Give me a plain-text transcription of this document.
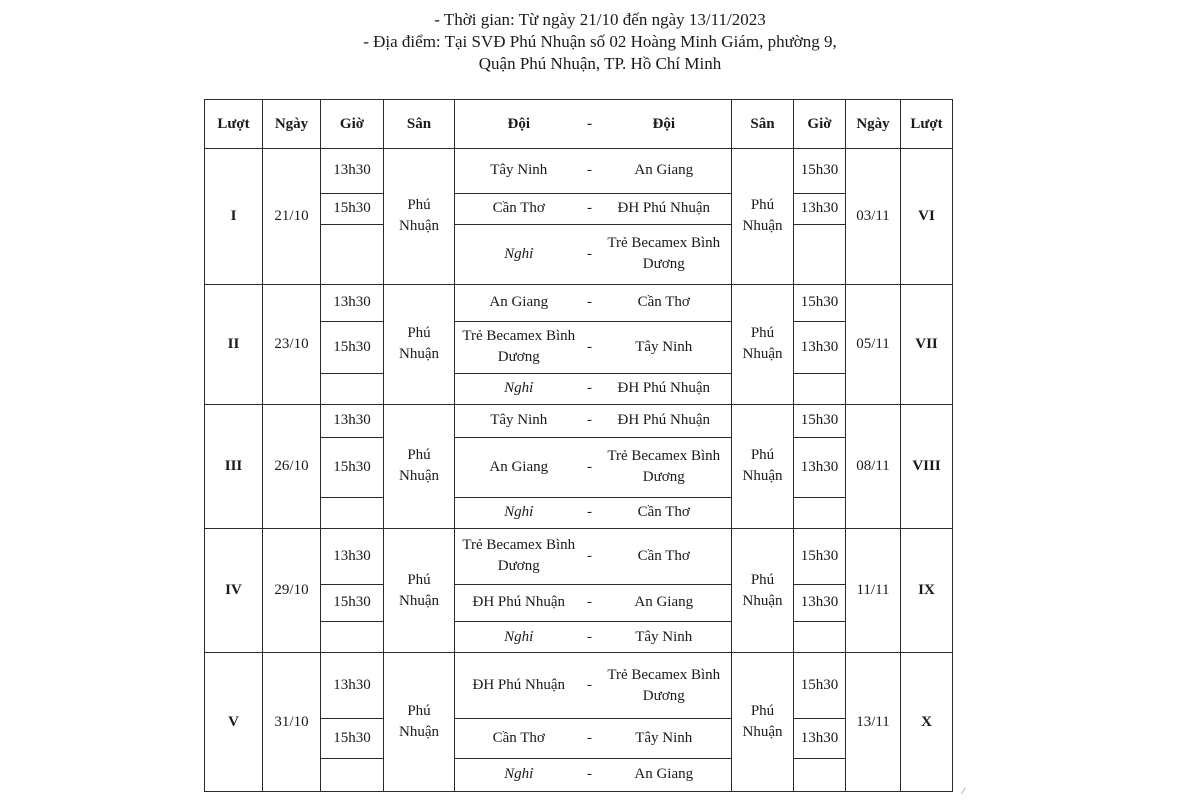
- Thời gian: Từ ngày 21/10 đến ngày 13/11/2023
- Địa điểm: Tại SVĐ Phú Nhuận số 02 Hoàng Minh Giám, phường 9,
Quận Phú Nhuận, TP. Hồ Chí Minh
Lượt	Ngày	Giờ	Sân	Đội	-	Đội	Sân	Giờ	Ngày	Lượt
I	21/10	13h30	Phú Nhuận	Tây Ninh	-	An Giang	Phú Nhuận	15h30	03/11	VI
		15h30		Cần Thơ	-	ĐH Phú Nhuận		13h30		
				Nghỉ	-	Trẻ Becamex Bình Dương				
II	23/10	13h30	Phú Nhuận	An Giang	-	Cần Thơ	Phú Nhuận	15h30	05/11	VII
		15h30		Trẻ Becamex Bình Dương	-	Tây Ninh		13h30		
				Nghỉ	-	ĐH Phú Nhuận				
III	26/10	13h30	Phú Nhuận	Tây Ninh	-	ĐH Phú Nhuận	Phú Nhuận	15h30	08/11	VIII
		15h30		An Giang	-	Trẻ Becamex Bình Dương		13h30		
				Nghỉ	-	Cần Thơ				
IV	29/10	13h30	Phú Nhuận	Trẻ Becamex Bình Dương	-	Cần Thơ	Phú Nhuận	15h30	11/11	IX
		15h30		ĐH Phú Nhuận	-	An Giang		13h30		
				Nghỉ	-	Tây Ninh				
V	31/10	13h30	Phú Nhuận	ĐH Phú Nhuận	-	Trẻ Becamex Bình Dương	Phú Nhuận	15h30	13/11	X
		15h30		Cần Thơ	-	Tây Ninh		13h30		
				Nghỉ	-	An Giang				
⁄
